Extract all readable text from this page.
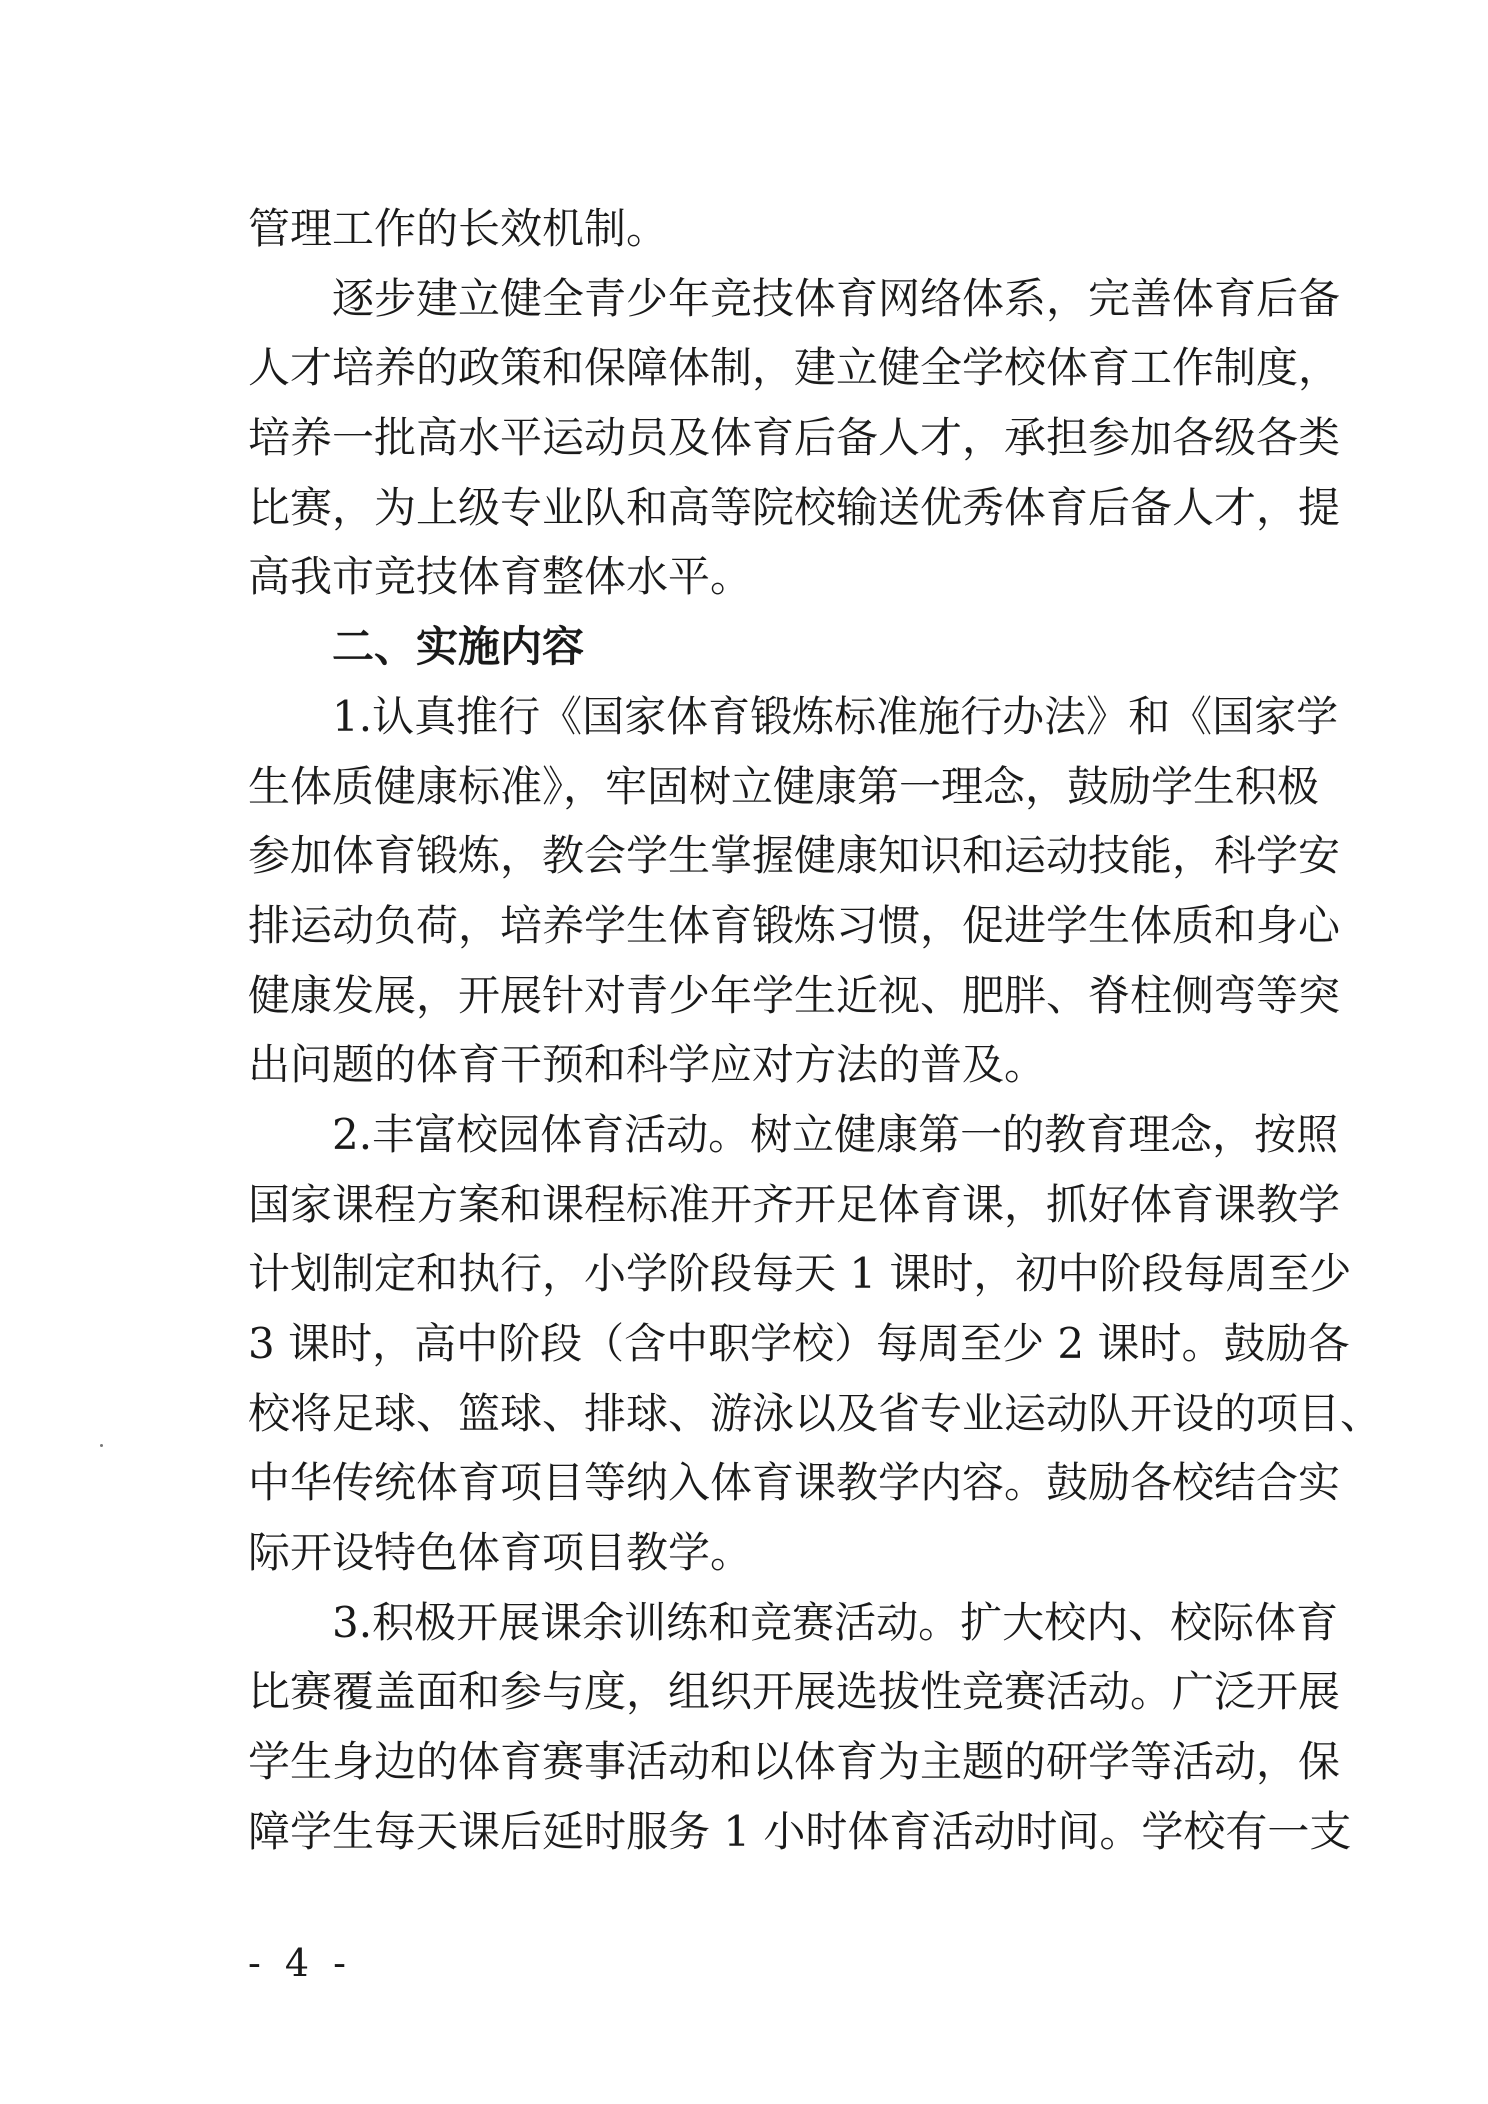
管理工作的长效机制。
逐步建立健全青少年竞技体育网络体系，完善体育后备
人才培养的政策和保障体制，建立健全学校体育工作制度，
培养一批高水平运动员及体育后备人才，承担参加各级各类
比赛，为上级专业队和高等院校输送优秀体育后备人才，提
高我市竞技体育整体水平。
二、实施内容
1.认真推行《国家体育锻炼标准施行办法》和《国家学
生体质健康标准》，牢固树立健康第一理念，鼓励学生积极
参加体育锻炼，教会学生掌握健康知识和运动技能，科学安
排运动负荷，培养学生体育锻炼习惯，促进学生体质和身心
健康发展，开展针对青少年学生近视、肥胖、脊柱侧弯等突
出问题的体育干预和科学应对方法的普及。
2.丰富校园体育活动。树立健康第一的教育理念，按照
国家课程方案和课程标准开齐开足体育课，抓好体育课教学
计划制定和执行，小学阶段每天 1 课时，初中阶段每周至少
3 课时，高中阶段（含中职学校）每周至少 2 课时。鼓励各
校将足球、篮球、排球、游泳以及省专业运动队开设的项目、
中华传统体育项目等纳入体育课教学内容。鼓励各校结合实
际开设特色体育项目教学。
3.积极开展课余训练和竞赛活动。扩大校内、校际体育
比赛覆盖面和参与度，组织开展选拔性竞赛活动。广泛开展
学生身边的体育赛事活动和以体育为主题的研学等活动，保
障学生每天课后延时服务 1 小时体育活动时间。学校有一支
- 4 -
